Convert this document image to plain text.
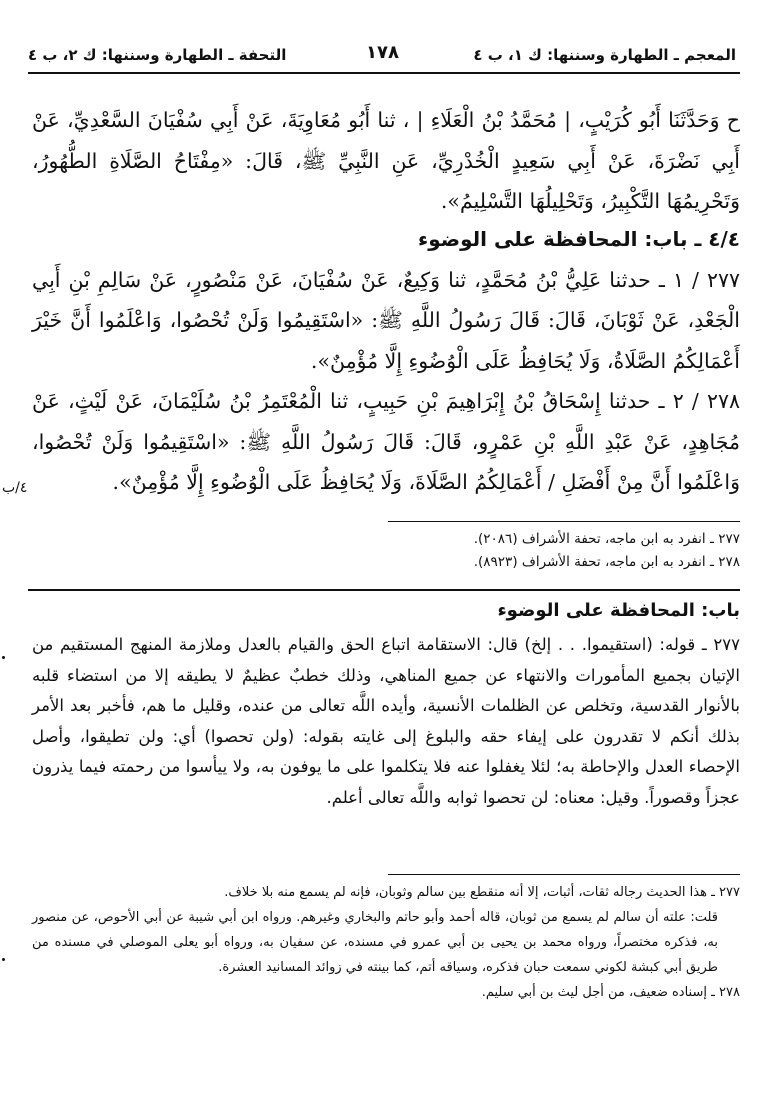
المعجم ـ الطهارة وسننها: ك ١، ب ٤
١٧٨
التحفة ـ الطهارة وسننها: ك ٢، ب ٤

ح وَحَدَّثَنَا أَبُو كُرَيْبٍ، | مُحَمَّدُ بْنُ الْعَلَاءِ | ، ثنا أَبُو مُعَاوِيَةَ، عَنْ أَبِي سُفْيَانَ السَّعْدِيِّ، عَنْ أَبِي نَضْرَةَ، عَنْ أَبِي سَعِيدٍ الْخُدْرِيِّ، عَنِ النَّبِيِّ ﷺ، قَالَ: «مِفْتَاحُ الصَّلَاةِ الطُّهُورُ، وَتَحْرِيمُهَا التَّكْبِيرُ، وَتَحْلِيلُهَا التَّسْلِيمُ».

٤/٤ ـ باب: المحافظة على الوضوء

٢٧٧ / ١ ـ حدثنا عَلِيُّ بْنُ مُحَمَّدٍ، ثنا وَكِيعٌ، عَنْ سُفْيَانَ، عَنْ مَنْصُورٍ، عَنْ سَالِمِ بْنِ أَبِي الْجَعْدِ، عَنْ ثَوْبَانَ، قَالَ: قَالَ رَسُولُ اللَّهِ ﷺ: «اسْتَقِيمُوا وَلَنْ تُحْصُوا، وَاعْلَمُوا أَنَّ خَيْرَ أَعْمَالِكُمُ الصَّلَاةُ، وَلَا يُحَافِظُ عَلَى الْوُضُوءِ إِلَّا مُؤْمِنٌ».

٢٧٨ / ٢ ـ حدثنا إِسْحَاقُ بْنُ إِبْرَاهِيمَ بْنِ حَبِيبٍ، ثنا الْمُعْتَمِرُ بْنُ سُلَيْمَانَ، عَنْ لَيْثٍ، عَنْ مُجَاهِدٍ، عَنْ عَبْدِ اللَّهِ بْنِ عَمْرٍو، قَالَ: قَالَ رَسُولُ اللَّهِ ﷺ: «اسْتَقِيمُوا وَلَنْ تُحْصُوا، وَاعْلَمُوا أَنَّ مِنْ أَفْضَلِ / أَعْمَالِكُمُ الصَّلَاةَ، وَلَا يُحَافِظُ عَلَى الْوُضُوءِ إِلَّا مُؤْمِنٌ».

٤/ب

٢٧٧ ـ انفرد به ابن ماجه، تحفة الأشراف (٢٠٨٦).

٢٧٨ ـ انفرد به ابن ماجه، تحفة الأشراف (٨٩٢٣).

باب: المحافظة على الوضوء

٢٧٧ ـ قوله: (استقيموا. . . إلخ) قال: الاستقامة اتباع الحق والقيام بالعدل وملازمة المنهج المستقيم من الإتيان بجميع المأمورات والانتهاء عن جميع المناهي، وذلك خطبٌ عظيمٌ لا يطيقه إلا من استضاء قلبه بالأنوار القدسية، وتخلص عن الظلمات الأنسية، وأيده اللَّه تعالى من عنده، وقليل ما هم، فأخبر بعد الأمر بذلك أنكم لا تقدرون على إيفاء حقه والبلوغ إلى غايته بقوله: (ولن تحصوا) أي: ولن تطيقوا، وأصل الإحصاء العدل والإحاطة به؛ لئلا يغفلوا عنه فلا يتكلموا على ما يوفون به، ولا ييأسوا من رحمته فيما يذرون عجزاً وقصوراً. وقيل: معناه: لن تحصوا ثوابه واللَّه تعالى أعلم.

٢٧٧ ـ هذا الحديث رجاله ثقات، أثبات، إلا أنه منقطع بين سالم وثوبان، فإنه لم يسمع منه بلا خلاف.

قلت: علته أن سالم لم يسمع من ثوبان، قاله أحمد وأبو حاتم والبخاري وغيرهم. ورواه ابن أبي شيبة عن أبي الأحوص، عن منصور به، فذكره مختصراً، ورواه محمد بن يحيى بن أبي عمرو في مسنده، عن سفيان به، ورواه أبو يعلى الموصلي في مسنده من طريق أبي كبشة لكوني سمعت حبان فذكره، وسياقه أتم، كما بينته في زوائد المسانيد العشرة.

٢٧٨ ـ إسناده ضعيف، من أجل ليث بن أبي سليم.
